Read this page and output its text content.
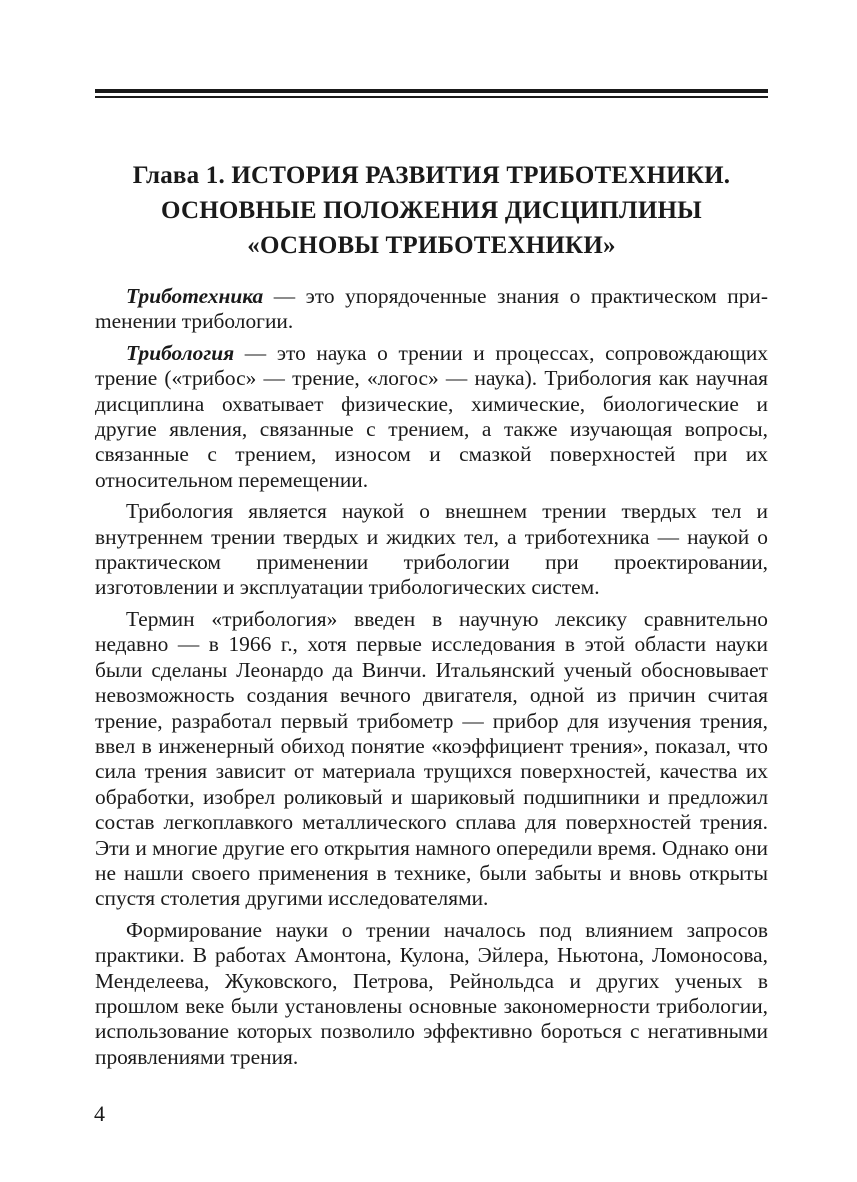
Глава 1. ИСТОРИЯ РАЗВИТИЯ ТРИБОТЕХНИКИ.
ОСНОВНЫЕ ПОЛОЖЕНИЯ ДИСЦИПЛИНЫ
«ОСНОВЫ ТРИБОТЕХНИКИ»

Триботехника — это упорядоченные знания о практическом приmенении трибологии.

Трибология — это наука о трении и процессах, сопровождающих трение («трибос» — трение, «логос» — наука). Трибология как научная дисциплина охватывает физические, химические, биологические и другие явления, связанные с трением, а также изучающая вопросы, связанные с трением, износом и смазкой поверхностей при их относительном перемещении.

Трибология является наукой о внешнем трении твердых тел и внутреннем трении твердых и жидких тел, а триботехника — наукой о практическом применении трибологии при проектировании, изготовлении и эксплуатации трибологических систем.

Термин «трибология» введен в научную лексику сравнительно недавно — в 1966 г., хотя первые исследования в этой области науки были сделаны Леонардо да Винчи. Итальянский ученый обосновывает невозможность создания вечного двигателя, одной из причин считая трение, разработал первый трибометр — прибор для изучения трения, ввел в инженерный обиход понятие «коэффициент трения», показал, что сила трения зависит от материала трущихся поверхностей, качества их обработки, изобрел роликовый и шариковый подшипники и предложил состав легкоплавкого металлического сплава для поверхностей трения. Эти и многие другие его открытия намного опередили время. Однако они не нашли своего применения в технике, были забыты и вновь открыты спустя столетия другими исследователями.

Формирование науки о трении началось под влиянием запросов практики. В работах Амонтона, Кулона, Эйлера, Ньютона, Ломоносова, Менделеева, Жуковского, Петрова, Рейнольдса и других ученых в прошлом веке были установлены основные закономерности трибологии, использование которых позволило эффективно бороться с негативными проявлениями трения.

4
